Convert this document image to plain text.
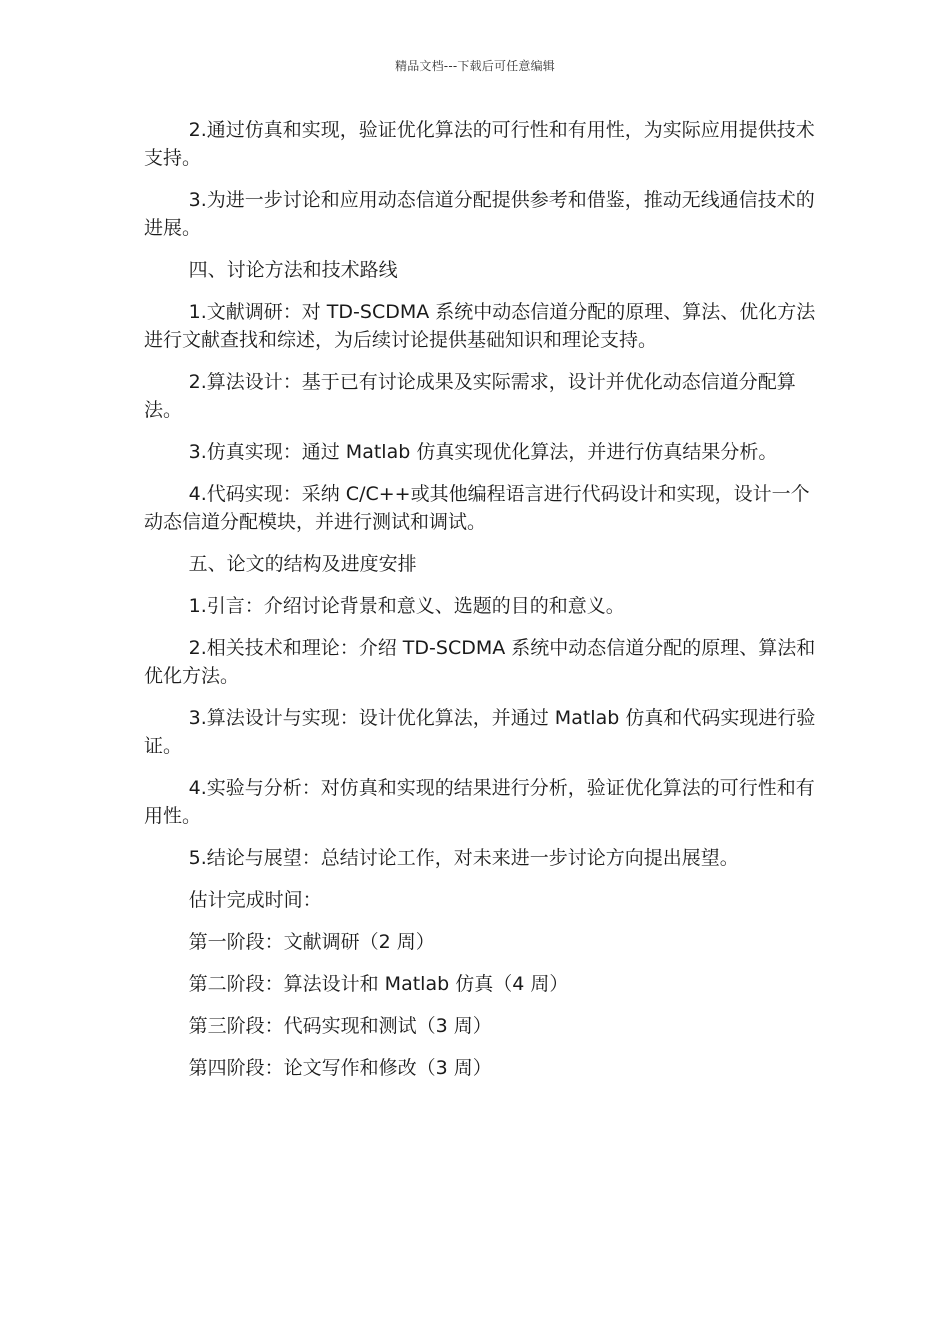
精品文档---下载后可任意编辑

2.通过仿真和实现，验证优化算法的可行性和有用性，为实际应用提供技术支持。

3.为进一步讨论和应用动态信道分配提供参考和借鉴，推动无线通信技术的进展。

四、讨论方法和技术路线

1.文献调研：对 TD-SCDMA 系统中动态信道分配的原理、算法、优化方法进行文献查找和综述，为后续讨论提供基础知识和理论支持。

2.算法设计：基于已有讨论成果及实际需求，设计并优化动态信道分配算法。

3.仿真实现：通过 Matlab 仿真实现优化算法，并进行仿真结果分析。

4.代码实现：采纳 C/C++或其他编程语言进行代码设计和实现，设计一个动态信道分配模块，并进行测试和调试。

五、论文的结构及进度安排

1.引言：介绍讨论背景和意义、选题的目的和意义。

2.相关技术和理论：介绍 TD-SCDMA 系统中动态信道分配的原理、算法和优化方法。

3.算法设计与实现：设计优化算法，并通过 Matlab 仿真和代码实现进行验证。

4.实验与分析：对仿真和实现的结果进行分析，验证优化算法的可行性和有用性。

5.结论与展望：总结讨论工作，对未来进一步讨论方向提出展望。

估计完成时间：

第一阶段：文献调研（2 周）

第二阶段：算法设计和 Matlab 仿真（4 周）

第三阶段：代码实现和测试（3 周）

第四阶段：论文写作和修改（3 周）
